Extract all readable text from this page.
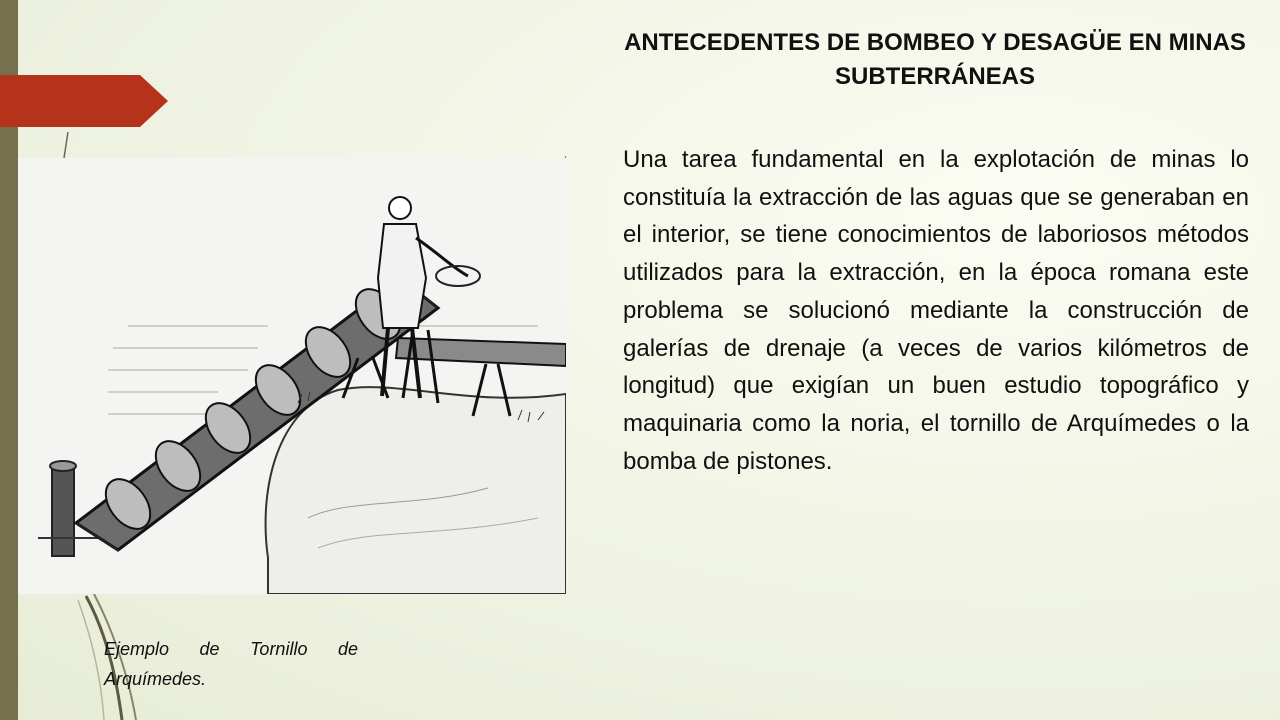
ANTECEDENTES DE BOMBEO Y DESAGÜE EN MINAS SUBTERRÁNEAS
Una tarea fundamental en la explotación de minas lo constituía la extracción de las aguas que se generaban en el interior, se tiene conocimientos de laboriosos métodos utilizados para la extracción, en la época romana este problema se solucionó mediante la construcción de galerías de drenaje (a veces de varios kilómetros de longitud) que exigían un buen estudio topográfico y maquinaria como la noria, el tornillo de Arquímedes o la bomba de pistones.
Ejemplo de Tornillo de Arquímedes.
